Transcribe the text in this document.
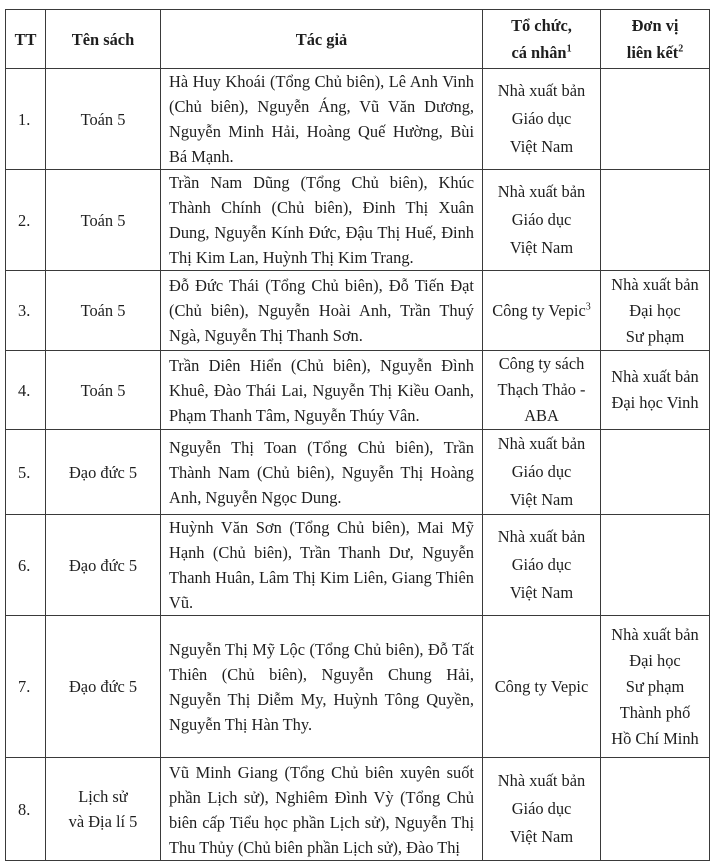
TT	Tên sách	Tác giả	Tổ chức,
cá nhân$^1$	Đơn vị
liên kết$^2$

1.	Toán 5	Hà Huy Khoái (Tổng Chủ biên), Lê Anh Vinh (Chủ biên), Nguyễn Áng, Vũ Văn Dương, Nguyễn Minh Hải, Hoàng Quế Hường, Bùi Bá Mạnh.	Nhà xuất bản
Giáo dục
Việt Nam	

2.	Toán 5	Trần Nam Dũng (Tổng Chủ biên), Khúc Thành Chính (Chủ biên), Đinh Thị Xuân Dung, Nguyễn Kính Đức, Đậu Thị Huế, Đinh Thị Kim Lan, Huỳnh Thị Kim Trang.	Nhà xuất bản
Giáo dục
Việt Nam	

3.	Toán 5	Đỗ Đức Thái (Tổng Chủ biên), Đỗ Tiến Đạt (Chủ biên), Nguyễn Hoài Anh, Trần Thuý Ngà, Nguyễn Thị Thanh Sơn.	Công ty Vepic$^3$	Nhà xuất bản
Đại học
Sư phạm

4.	Toán 5	Trần Diên Hiển (Chủ biên), Nguyễn Đình Khuê, Đào Thái Lai, Nguyễn Thị Kiều Oanh, Phạm Thanh Tâm, Nguyễn Thúy Vân.	Công ty sách
Thạch Thảo -
ABA	Nhà xuất bản
Đại học Vinh

5.	Đạo đức 5	Nguyễn Thị Toan (Tổng Chủ biên), Trần Thành Nam (Chủ biên), Nguyễn Thị Hoàng Anh, Nguyễn Ngọc Dung.	Nhà xuất bản
Giáo dục
Việt Nam	

6.	Đạo đức 5	Huỳnh Văn Sơn (Tổng Chủ biên), Mai Mỹ Hạnh (Chủ biên), Trần Thanh Dư, Nguyễn Thanh Huân, Lâm Thị Kim Liên, Giang Thiên Vũ.	Nhà xuất bản
Giáo dục
Việt Nam	

7.	Đạo đức 5	Nguyễn Thị Mỹ Lộc (Tổng Chủ biên), Đỗ Tất Thiên (Chủ biên), Nguyễn Chung Hải, Nguyễn Thị Diễm My, Huỳnh Tông Quyền, Nguyễn Thị Hàn Thy.	Công ty Vepic	Nhà xuất bản
Đại học
Sư phạm
Thành phố
Hồ Chí Minh

8.	Lịch sử
và Địa lí 5	Vũ Minh Giang (Tổng Chủ biên xuyên suốt phần Lịch sử), Nghiêm Đình Vỳ (Tổng Chủ biên cấp Tiểu học phần Lịch sử), Nguyễn Thị Thu Thủy (Chủ biên phần Lịch sử), Đào Thị	Nhà xuất bản
Giáo dục
Việt Nam	
